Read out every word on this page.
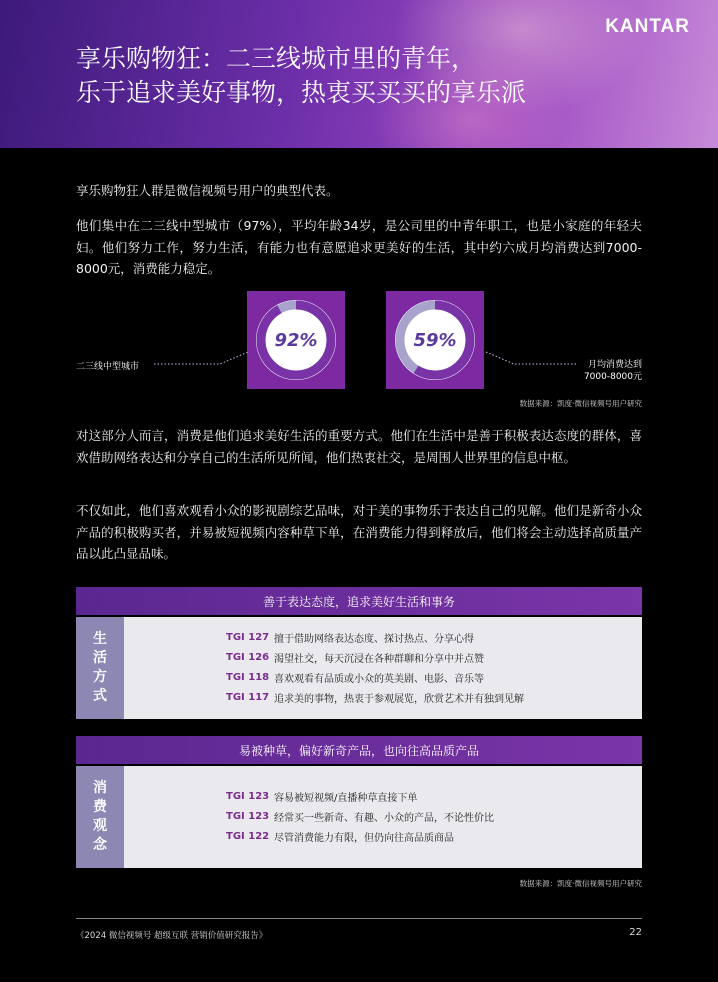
KANTAR
享乐购物狂：二三线城市里的青年，
乐于追求美好事物，热衷买买买的享乐派

享乐购物狂人群是微信视频号用户的典型代表。

他们集中在二三线中型城市（97%），平均年龄34岁，是公司里的中青年职工，也是小家庭的年轻夫妇。他们努力工作，努力生活，有能力也有意愿追求更美好的生活，其中约六成月均消费达到7000-8000元，消费能力稳定。

92%	59%
二三线中型城市	月均消费达到
7000-8000元
数据来源：凯度·微信视频号用户研究

对这部分人而言，消费是他们追求美好生活的重要方式。他们在生活中是善于积极表达态度的群体，喜欢借助网络表达和分享自己的生活所见所闻，他们热衷社交，是周围人世界里的信息中枢。

不仅如此，他们喜欢观看小众的影视剧综艺品味，对于美的事物乐于表达自己的见解。他们是新奇小众产品的积极购买者，并易被短视频内容种草下单，在消费能力得到释放后，他们将会主动选择高质量产品以此凸显品味。

善于表达态度，追求美好生活和事务
生
活
方
式
TGI 127 擅于借助网络表达态度、探讨热点、分享心得
TGI 126 渴望社交，每天沉浸在各种群聊和分享中并点赞
TGI 118 喜欢观看有品质或小众的英美剧、电影、音乐等
TGI 117 追求美的事物，热衷于参观展览，欣赏艺术并有独到见解
易被种草，偏好新奇产品，也向往高品质产品
消
费
观
念
TGI 123 容易被短视频/直播种草直接下单
TGI 123 经常买一些新奇、有趣、小众的产品，不论性价比
TGI 122 尽管消费能力有限，但仍向往高品质商品
数据来源：凯度·微信视频号用户研究
《2024 微信视频号 超级互联 营销价值研究报告》	22
